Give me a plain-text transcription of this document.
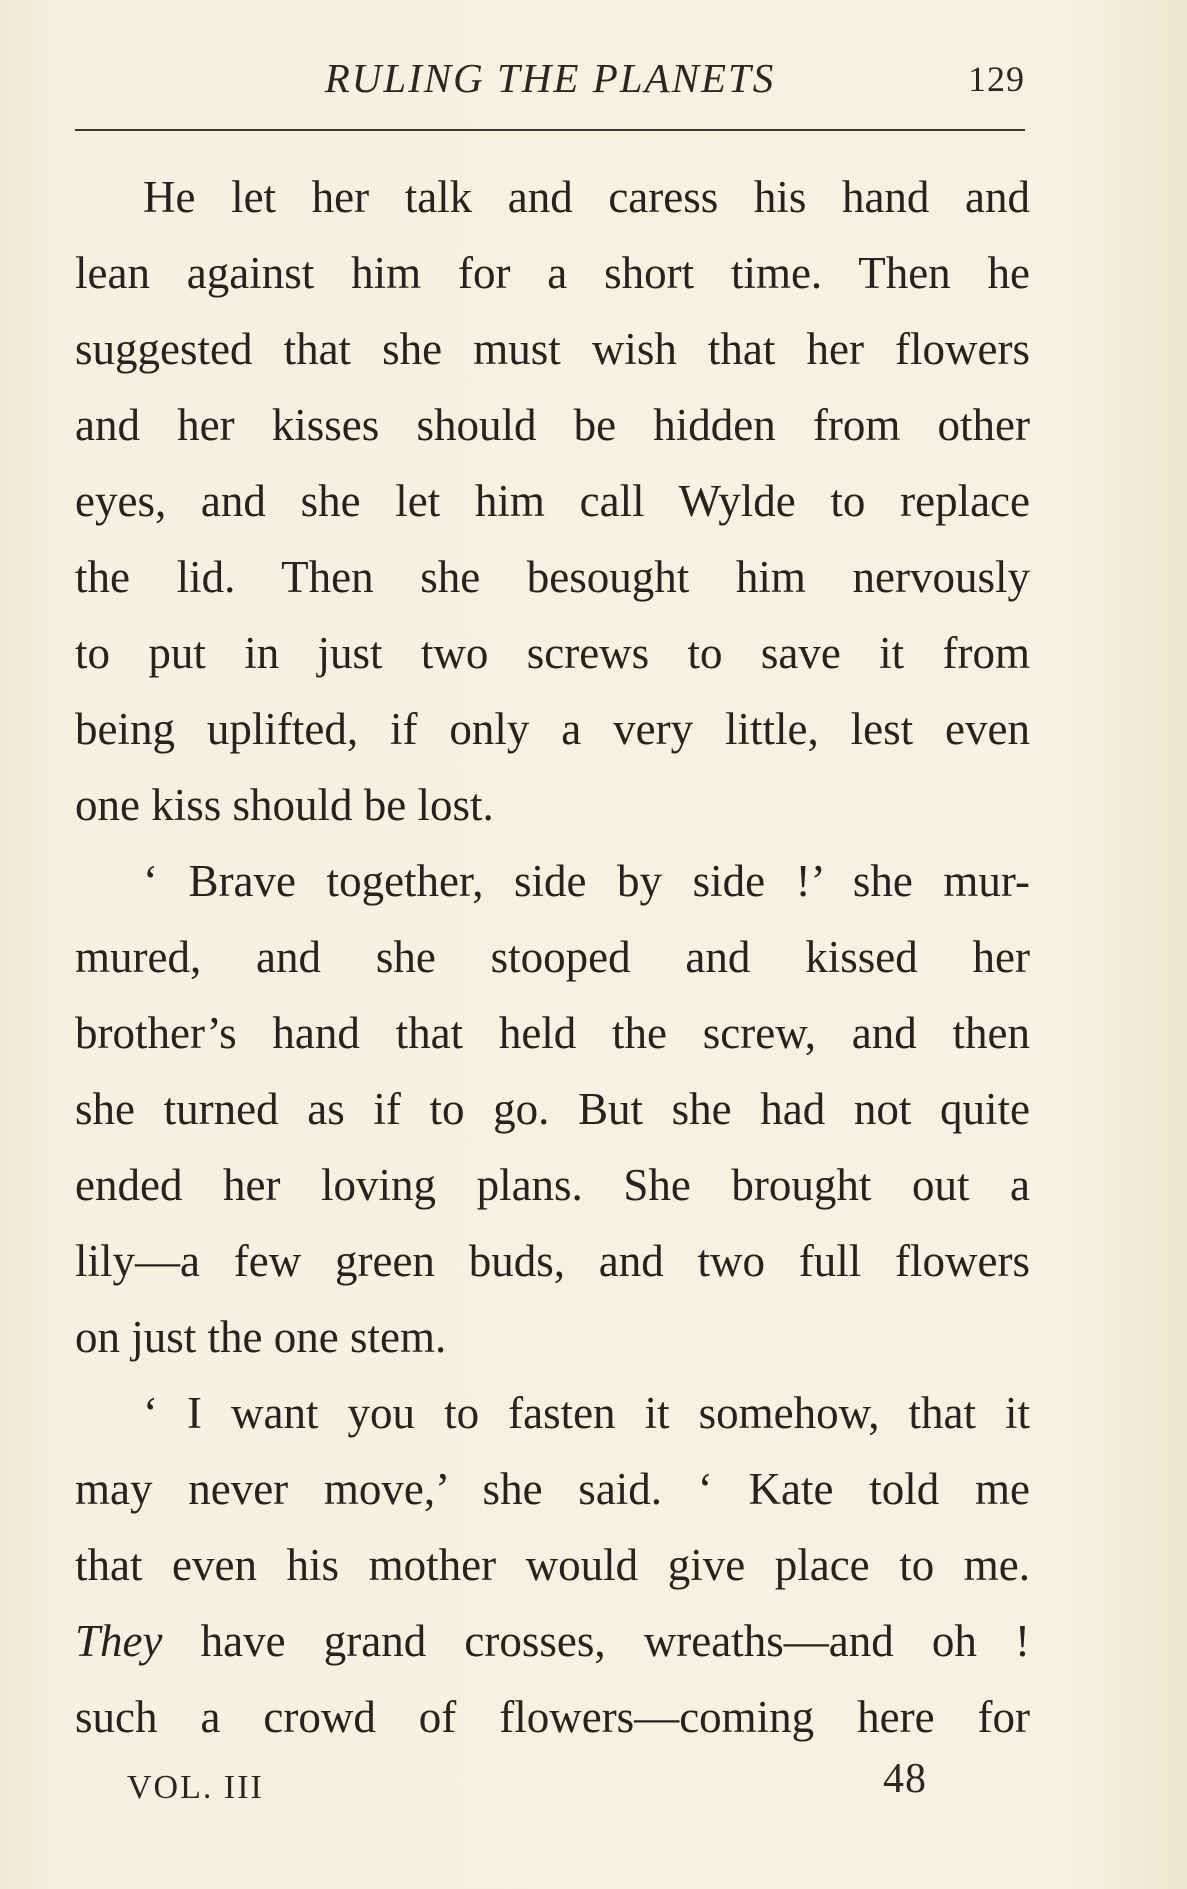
RULING THE PLANETS	129

He let her talk and caress his hand and
lean against him for a short time. Then he
suggested that she must wish that her flowers
and her kisses should be hidden from other
eyes, and she let him call Wylde to replace
the lid. Then she besought him nervously
to put in just two screws to save it from
being uplifted, if only a very little, lest even
one kiss should be lost.

‘ Brave together, side by side !’ she mur-
mured, and she stooped and kissed her
brother’s hand that held the screw, and then
she turned as if to go. But she had not quite
ended her loving plans. She brought out a
lily—a few green buds, and two full flowers
on just the one stem.

‘ I want you to fasten it somehow, that it
may never move,’ she said. ‘ Kate told me
that even his mother would give place to me.
They have grand crosses, wreaths—and oh !
such a crowd of flowers—coming here for

VOL. III	48
